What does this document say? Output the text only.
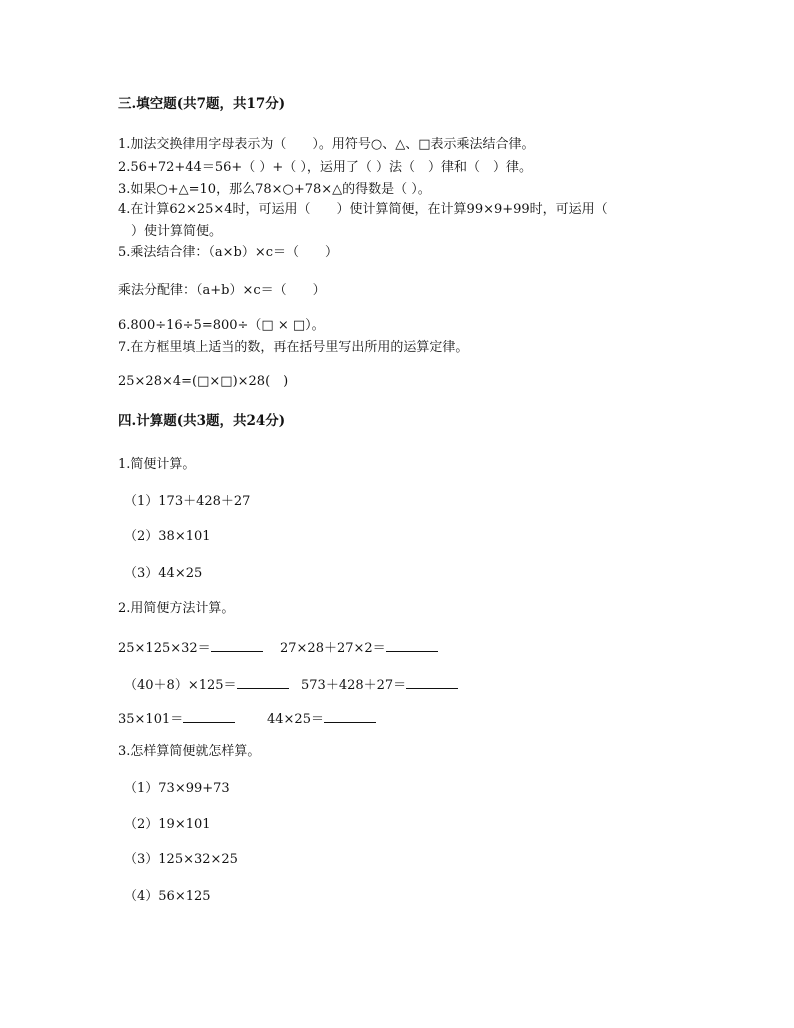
三.填空题(共7题，共17分)
1.加法交换律用字母表示为（　　）。用符号○、△、□表示乘法结合律。
2.56+72+44＝56+（ ）+（ ），运用了（ ）法（　）律和（　）律。
3.如果○+△=10，那么78×○+78×△的得数是（ ）。
4.在计算62×25×4时，可运用（　　）使计算简便，在计算99×9+99时，可运用（
　）使计算简便。
5.乘法结合律：（a×b）×c＝（　　）
乘法分配律：（a+b）×c＝（　　）
6.800÷16÷5=800÷（□ × □）。
7.在方框里填上适当的数，再在括号里写出所用的运算定律。
25×28×4=(□×□)×28(　)
四.计算题(共3题，共24分)
1.简便计算。
（1）173＋428＋27
（2）38×101
（3）44×25
2.用简便方法计算。
25×125×32＝	27×28＋27×2＝
（40＋8）×125＝	573＋428＋27＝
35×101＝	44×25＝
3.怎样算简便就怎样算。
（1）73×99+73
（2）19×101
（3）125×32×25
（4）56×125
